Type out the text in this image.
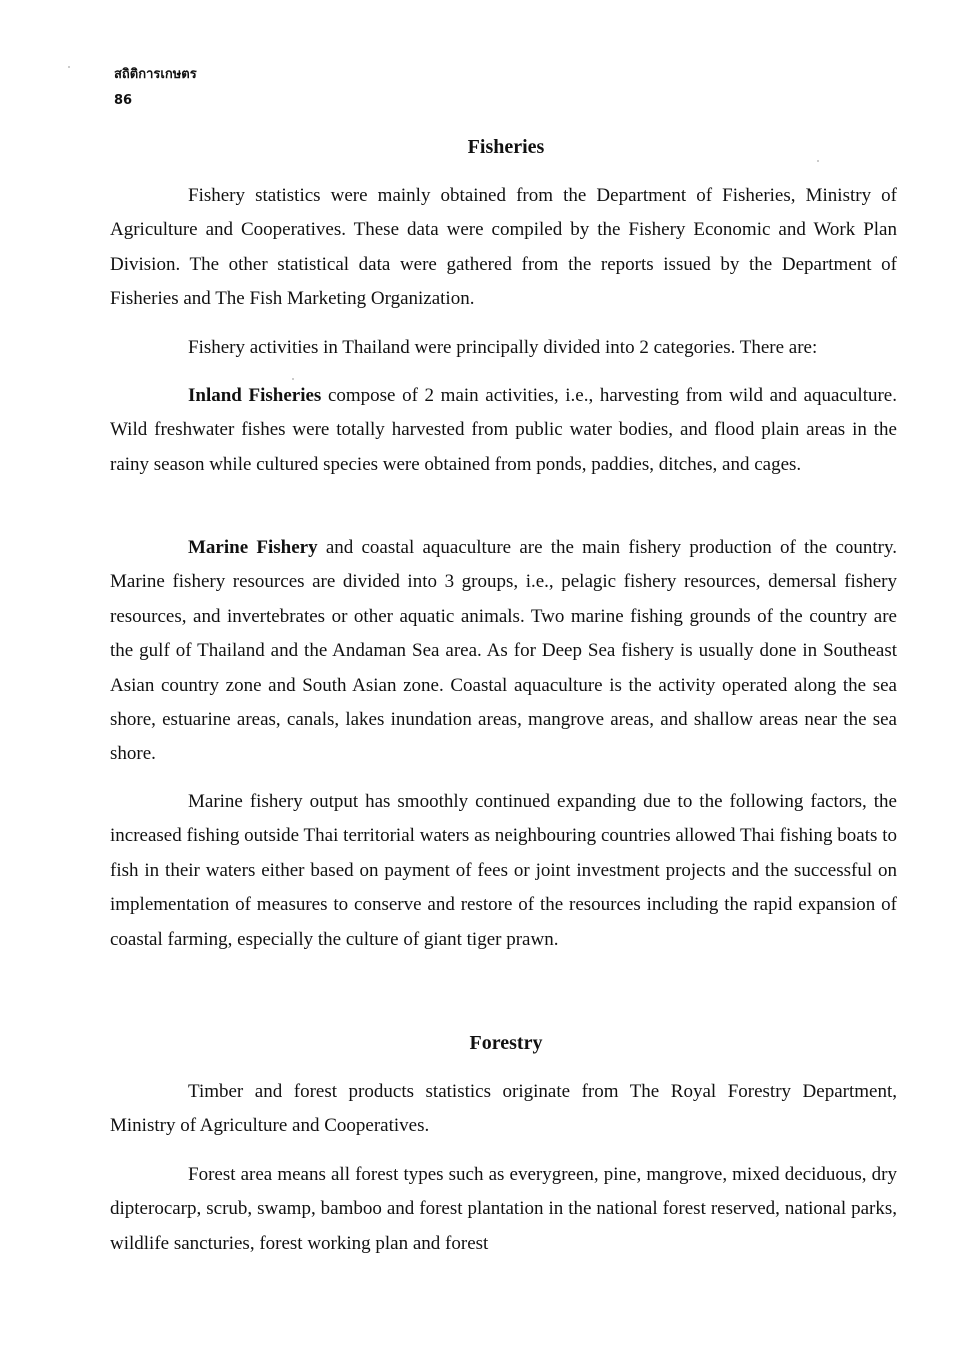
สถิติการเกษตร
86
Fisheries

Fishery statistics were mainly obtained from the Department of Fisheries, Ministry of Agriculture and Cooperatives. These data were compiled by the Fishery Economic and Work Plan Division. The other statistical data were gathered from the reports issued by the Department of Fisheries and The Fish Marketing Organization.

Fishery activities in Thailand were principally divided into 2 categories. There are:

Inland Fisheries compose of 2 main activities, i.e., harvesting from wild and aquaculture. Wild freshwater fishes were totally harvested from public water bodies, and flood plain areas in the rainy season while cultured species were obtained from ponds, paddies, ditches, and cages.

Marine Fishery and coastal aquaculture are the main fishery production of the country. Marine fishery resources are divided into 3 groups, i.e., pelagic fishery resources, demersal fishery resources, and invertebrates or other aquatic animals. Two marine fishing grounds of the country are the gulf of Thailand and the Andaman Sea area. As for Deep Sea fishery is usually done in Southeast Asian country zone and South Asian zone. Coastal aquaculture is the activity operated along the sea shore, estuarine areas, canals, lakes inundation areas, mangrove areas, and shallow areas near the sea shore.

Marine fishery output has smoothly continued expanding due to the following factors, the increased fishing outside Thai territorial waters as neighbouring countries allowed Thai fishing boats to fish in their waters either based on payment of fees or joint investment projects and the successful on implementation of measures to conserve and restore of the resources including the rapid expansion of coastal farming, especially the culture of giant tiger prawn.

Forestry

Timber and forest products statistics originate from The Royal Forestry Department, Ministry of Agriculture and Cooperatives.

Forest area means all forest types such as everygreen, pine, mangrove, mixed deciduous, dry dipterocarp, scrub, swamp, bamboo and forest plantation in the national forest reserved, national parks, wildlife sancturies, forest working plan and forest
